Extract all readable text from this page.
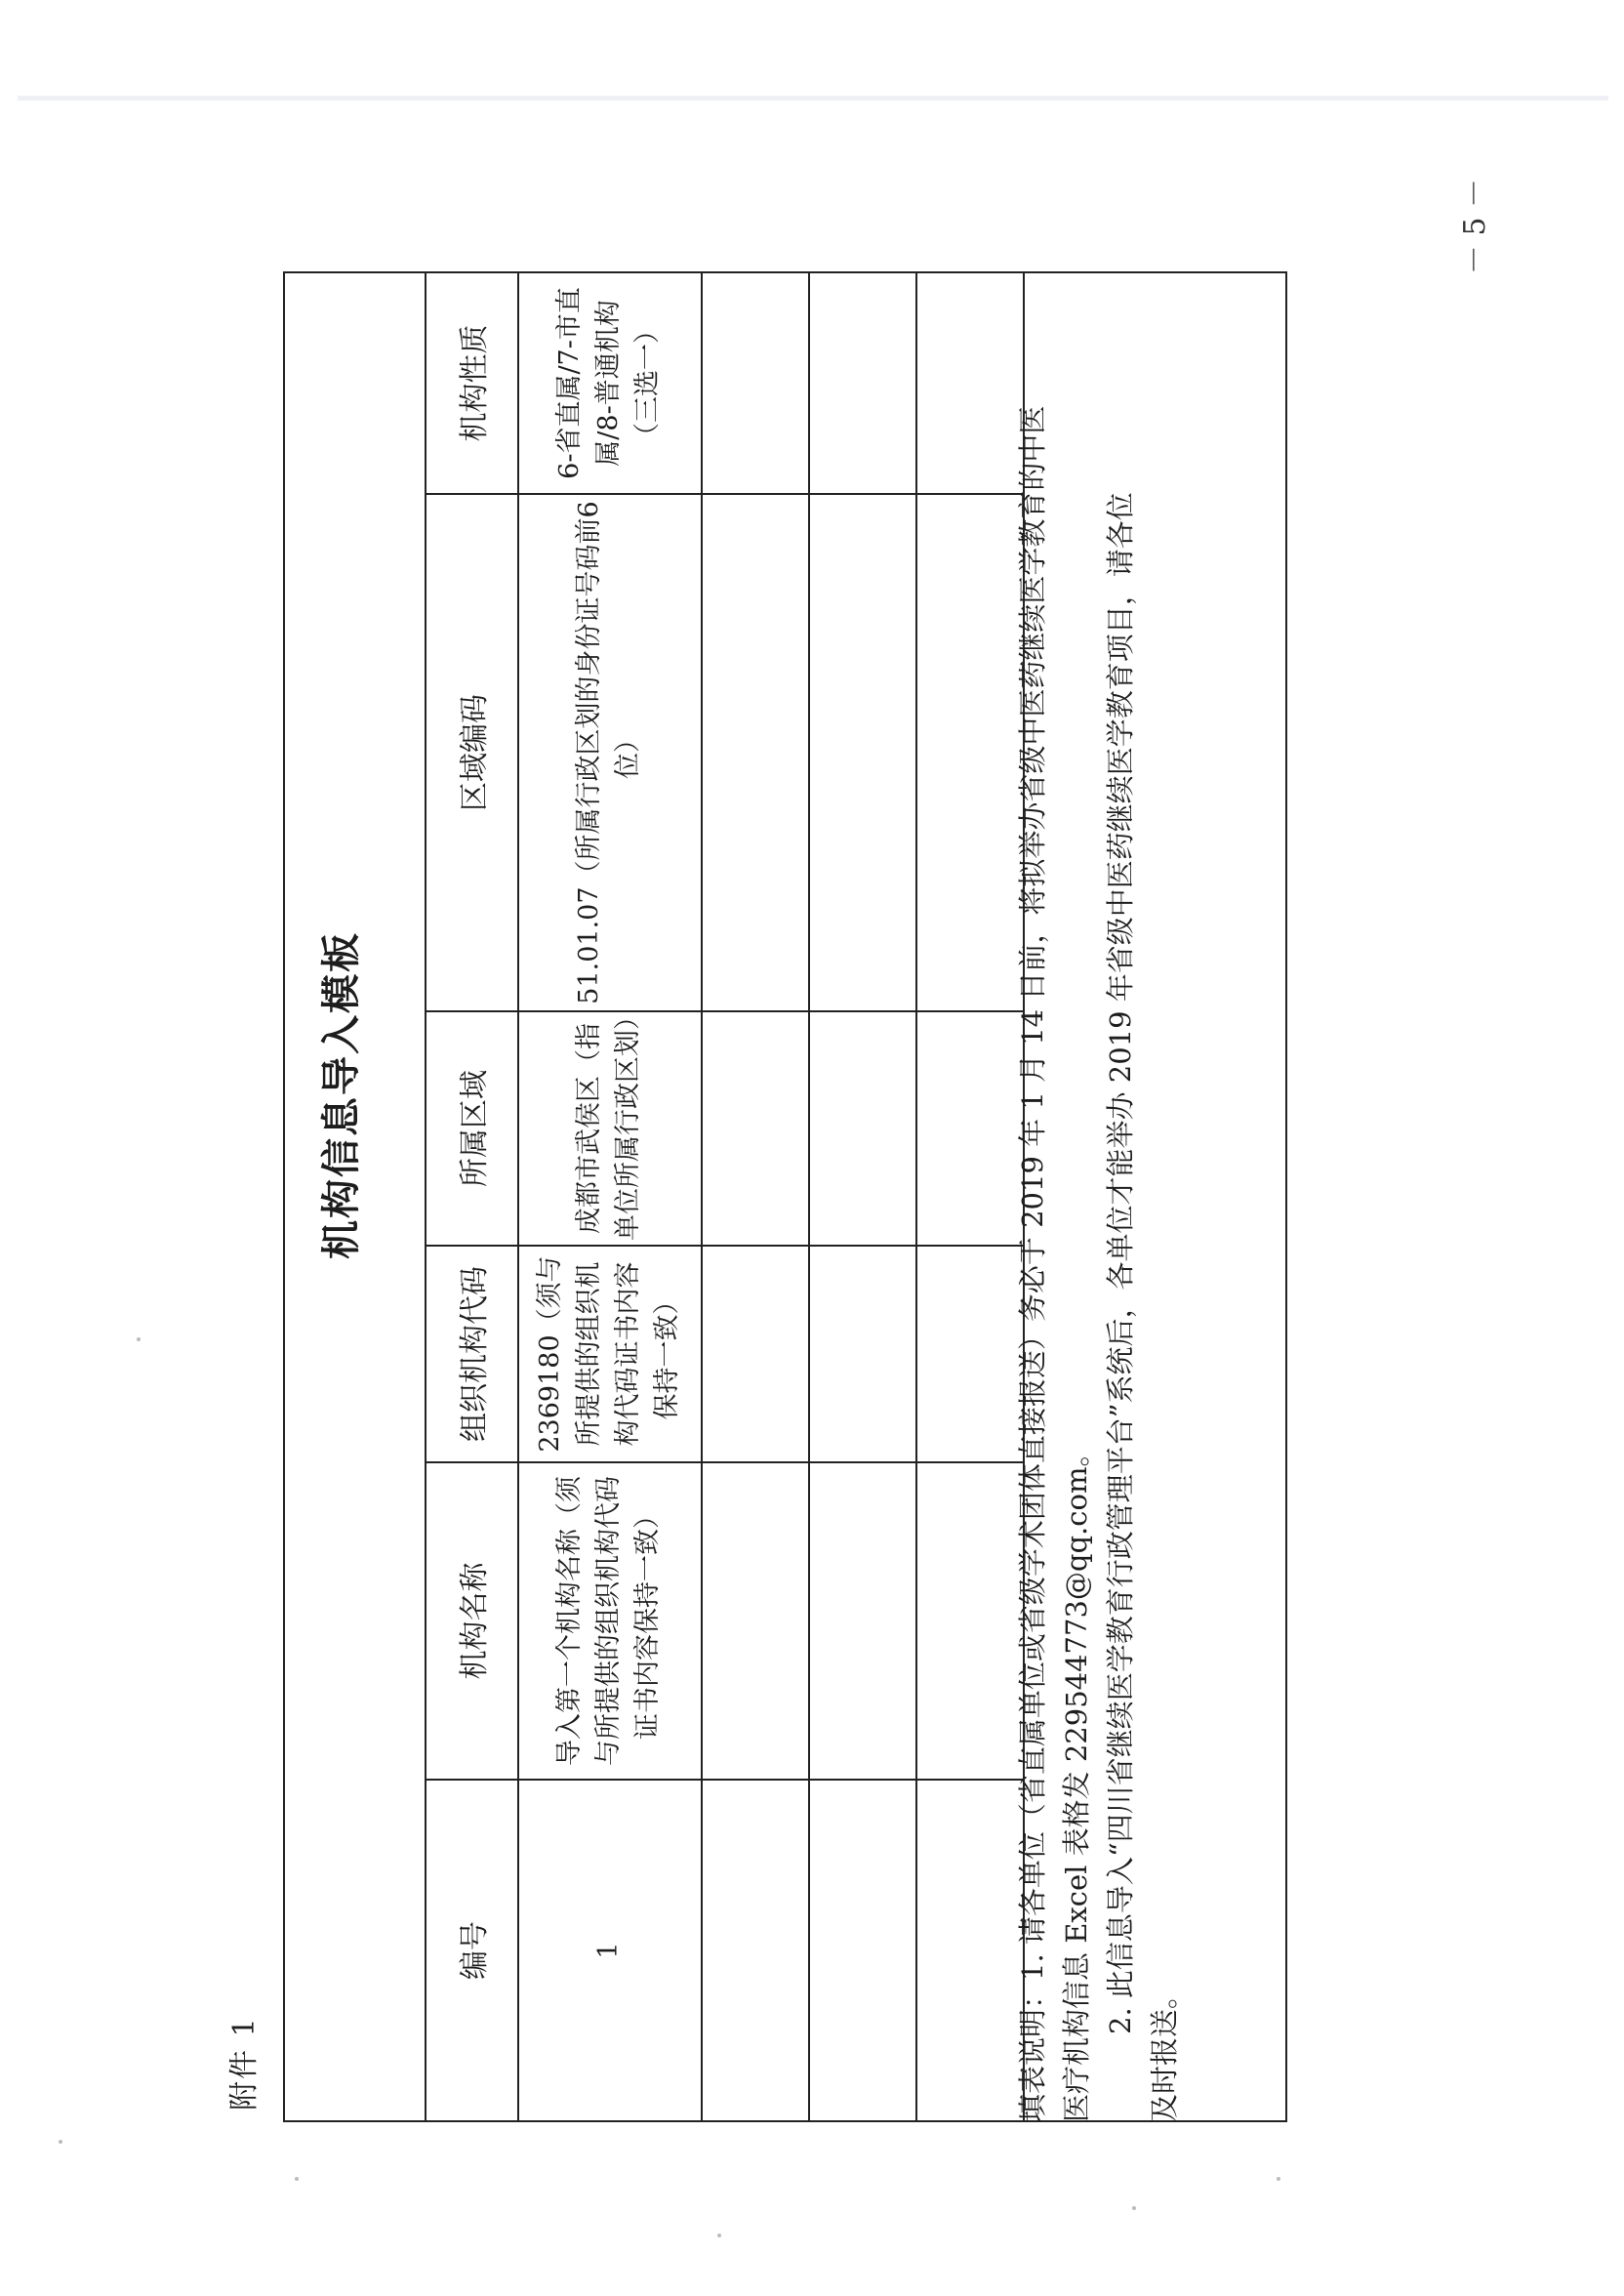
－ 5 －
附件 1
编号
机构名称
组织机构代码
所属区域
区域编码
机构性质
1
导入第一个机构名称（须与所提供的组织机构代码证书内容保持一致）
2369180（须与所提供的组织机构代码证书内容保持一致）
成都市武侯区（指单位所属行政区划）
51.01.07（所属行政区划的身份证号码前6位）
6-省直属/7-市直属/8-普通机构（三选一）
机构信息导入模板	填表说明：1. 请各单位（省直属单位或省级学术团体直接报送）务必于 2019 年 1 月 14 日前，将拟举办省级中医药继续医学教育的中医 医疗机构信息 Excel 表格发 229544773@qq.com。 2. 此信息导入“四川省继续医学教育行政管理平台”系统后，各单位才能举办 2019 年省级中医药继续医学教育项目，请各位

及时报送。
